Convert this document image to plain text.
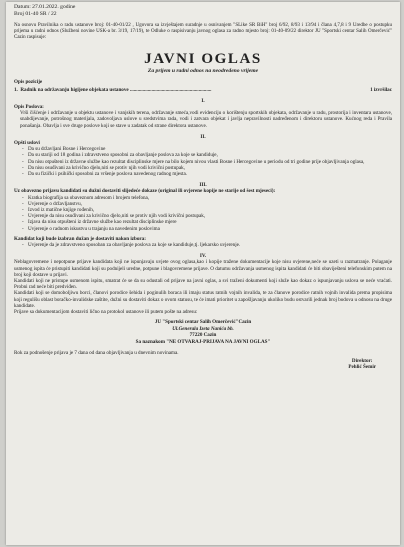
Datum: 27.01.2022. godine
Broj 01-40 SR / 22
Na osnovu Pravilnika o radu ustanove broj: 01-40-01/22 , Ugovora sa izvještajem suradnje u osnivanjem "SLike SR BiH" broj 6/92, 8/93 i 13/94 i člana 4,7,8 i 9 Uredbe o postupku prijema u radni odnos (Službeni novine USK-a br. 3/19, 17/19), te Odluke o raspisivanju javnog oglasa za radno mjesto broj: 01-40-09/22 direktor JU "Sportski centar Salih Omerčević" Cazin raspisuje:
JAVNI OGLAS
Za prijem u radni odnos na neodređeno vrijeme
Opis pozicije
1. Radnik na održavanju higijene objekata ustanove ................................................................	1 izvršilac
I.
Opis Poslova:
Vrši čišćenje i održavanje u objektu ustanove i vanjskih terena, održavanje smeća,vodi evidenciju o korištenju sportskih objekata, održavanje u radu, prostorija i inventara ustanove, snabdijevanje, potrošnog materijala, zadovoljava uslove u sredstvima rada, vodi i zatvara objekat i javlja nepravilnosti nadređenom i direktoru ustanove. Kućnog reda i Pravila ponašanja. Obavlja i sve druge poslove koji se stave u zadatak od strane direktora ustanove.
II.
Opšti uslovi
- Da su državljani Bosne i Hercegovine
- Da su stariji od 18 godina i zdravstveno sposobni za obavljanje poslova za koje se kandiduje,
- Da nisu otpušteni iz državne službe kao rezultat disciplinske mjere na bilo kojem nivou vlasti Bosne i Hercegovine u periodu od tri godine prije objavljivanja oglasa,
- Da nisu osuđivani za krivično djelo,niti se protiv njih vodi krivični postupak,
- Da su fizički i psihički sposobni za vršenje poslova navedenog radnog mjesta.
III.
Uz obavezno prijavu kandidati su dužni dostaviti slijedeće dokaze (original ili ovjerene kopije ne starije od šest mjeseci):
- Kratka biografija sa obaveznom adresom i brojem telefona,
- Uvjerenje o državljanstvu,
- Izvod iz matične knjige rođenih,
- Uvjerenje da nisu osuđivani za krivično djelo,niti se protiv njih vodi krivični postupak,
- Izjava da nisu otpušteni iz državne službe kao rezultat disciplinske mjere
- Uvjerenje o radnom iskustvu u trajanju na navedenim poslovima
Kandidat koji bude izabran dužan je dostaviti nakon izbora:
- Uvjerenje da je zdravstveno sposoban za obavljanje poslova za koje se kandiduje,tj. ljekarsko uvjerenje.
IV.
Neblagovremene i nepotpune prijave kandidata koji ne ispunjavaju uvjete ovog oglasa,kao i kopije tražene dokumentacije koje nisu ovjerene,neće se uzeti u razmatranje. Polaganje usmenog ispita će pristupiti kandidati koji su podnijeli uredne, potpune i blagovremene prijave. O datumu održavanja usmenog ispita kandidati će biti obaviješteni telefonskim putem na broj koji dostave u prijavi.
Kandidati koji ne pristupe usmenom ispitu, smatrat će se da su odustali od prijave na javni oglas, a svi traženi dokumenti koji služe kao dokaz o ispunjavanju uslova se neće vraćati. Probni rad neće biti predviđen.
Kandidati koji se domoboljiwu borci, članovi porodice šehida i poginulih boraca ili imaju status ratnih vojnih invalida, te za članove porodice ratnih vojnih invalida prema propisima koji regulišu oblast boračko-invalidske zaštite, dužni su dostaviti dokaz o ovom statusu, te će imati prioritet u zapošljavanju ukoliko budu ostvarili jednak broj bodova u odnosu na druge kandidate.
Prijave sa dokumentacijom dostaviti lično na protokol ustanove ili putem pošte na adresu:
JU "Sportski centar Salih Omerčević"Cazin
Ul.Generala Izeta Nanića bb.
77220 Cazin
Sa naznakom "NE OTVARAJ-PRIJAVA NA JAVNI OGLAS"
Rok za podnošenje prijava je 7 dana od dana objavljivanja u dnevnim novinama.
Direktor:
Pehlić Šemir
